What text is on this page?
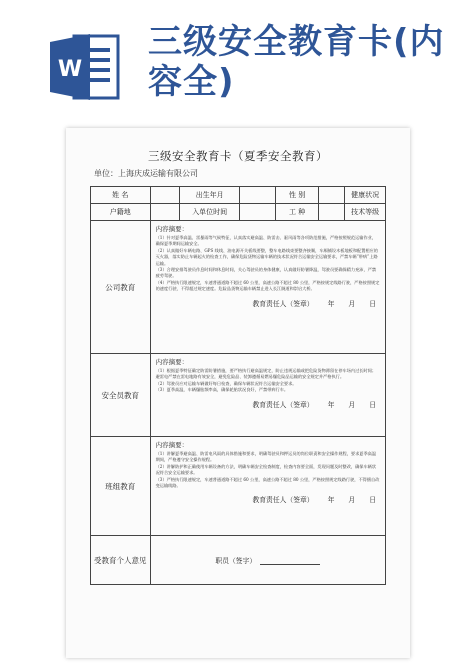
W
三级安全教育卡(内容全)
三级安全教育卡（夏季安全教育）
单位：上海庆成运输有限公司
姓 名	出生年月	性 别	健康状况
户籍地	入单位时间	工 种	技术等级
公司教育
内容摘要：
（1）针对夏季高温、雷暴雨等气候特征，认真落实避高温、防雷击、驱风雨等各项防范措施，严格按照规范运输作业，确保夏季期间运输安全。
（2）认真做好车辆电路、GPS 线线、油电源开关板线要整，整车电路线束要整齐接顺，车厢铺设木板地板和配置相应的灭火器，落实防止车辆起火的检查工作，确保危险货物运输车辆的技术状况符合运输安全运输要求，严禁车辆“带病”上路运输。
（3）合理安排驾驶员作息时间和休息时间，关心驾驶员的身体健康，认真做好防暑降温，驾驶员要确保精力充沛，严禁疲劳驾驶。
（4）严格执行限速规定，车速普通道路不超过 60 公里，高速公路不超过 80 公里，严格按规定线路行驶，严格按照规定的速度行驶，不得超过规定速度。危险品货物运输车辆禁止进入长江隧道和崇启大桥。
教育责任人（签章） 年 月 日
安全员教育
内容摘要：
（1）根据夏季特征确定防雷防暑措施，要严格执行避高温规定，防止违规运输或把危险货物滞留在停车场内过长时间；避雷电严禁在雷电地路有效安全，避免危险品、装卸遵循易燃易爆危险品运输的安全规定并严格执行。
（2）驾驶员应对运输车辆做好每日检查，确保车辆状况符合运输安全要求。
（3）夏季高温，车辆爆胎频率高，确保轮胎状况良好，严禁带病行车。
教育责任人（签章） 年 月 日
班组教育
内容摘要：
（1）讲解夏季避高温、防雷电风雨的具体措施和要求，明确驾驶员和押运员的岗位职责和安全操作规程，要求夏季高温期间，严格遵守安全操作规程。
（2）讲解防护和正确使用车辆设备的方法，明确车辆安全检查制度，检查内容要全面，发现问题及时整改，确保车辆状况符合安全运输要求。
（3）严格执行限速规定，车速普通道路不超过 60 公里，高速公路不超过 80 公里，严格按照规定线路行驶，不得擅自改变运输线路。
教育责任人（签章） 年 月 日
受教育个人意见	职员（签字）
